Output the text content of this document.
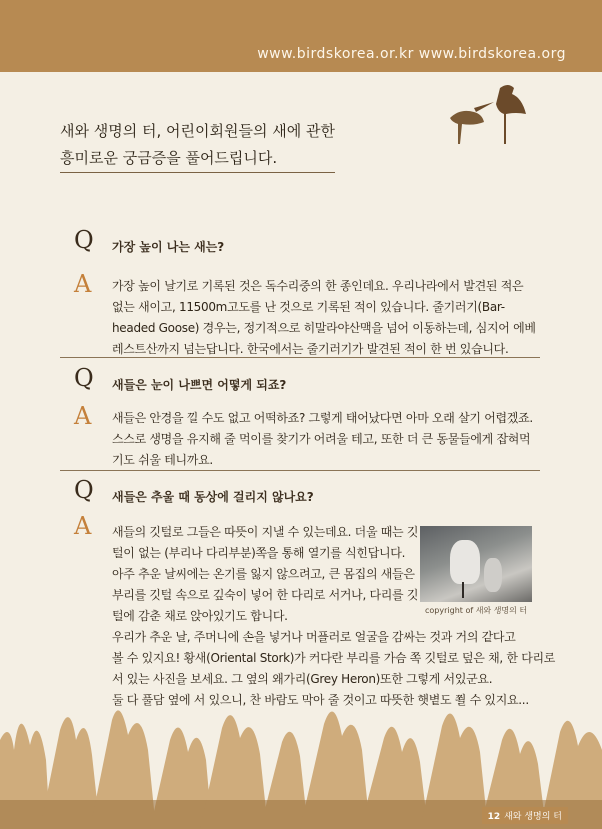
www.birdskorea.or.kr www.birdskorea.org
새와 생명의 터, 어린이회원들의 새에 관한
흥미로운 궁금증을 풀어드립니다.
Q 가장 높이 나는 새는?
A 가장 높이 날기로 기록된 것은 독수리중의 한 종인데요. 우리나라에서 발견된 적은
없는 새이고, 11500m고도를 난 것으로 기록된 적이 있습니다. 줄기러기(Bar-
headed Goose) 경우는, 정기적으로 히말라야산맥을 넘어 이동하는데, 심지어 에베
레스트산까지 넘는답니다. 한국에서는 줄기러기가 발견된 적이 한 번 있습니다.
Q 새들은 눈이 나쁘면 어떻게 되죠?
A 새들은 안경을 낄 수도 없고 어떡하죠? 그렇게 태어났다면 아마 오래 살기 어렵겠죠.
스스로 생명을 유지해 줄 먹이를 찾기가 어려울 테고, 또한 더 큰 동물들에게 잡혀먹
기도 쉬울 테니까요.
Q 새들은 추울 때 동상에 걸리지 않나요?
A 새들의 깃털로 그들은 따뜻이 지낼 수 있는데요. 더울 때는 깃
털이 없는 (부리나 다리부분)쪽을 통해 열기를 식힌답니다.
아주 추운 날씨에는 온기를 잃지 않으려고, 큰 몸집의 새들은
부리를 깃털 속으로 깊숙이 넣어 한 다리로 서거나, 다리를 깃
털에 감춘 채로 앉아있기도 합니다.
우리가 추운 날, 주머니에 손을 넣거나 머플러로 얼굴을 감싸는 것과 거의 같다고
볼 수 있지요! 황새(Oriental Stork)가 커다란 부리를 가슴 쪽 깃털로 덮은 채, 한 다리로
서 있는 사진을 보세요. 그 옆의 왜가리(Grey Heron)또한 그렇게 서있군요.
둘 다 풀담 옆에 서 있으니, 찬 바람도 막아 줄 것이고 따뜻한 햇볕도 쬘 수 있지요...
copyright of 새와 생명의 터
12 새와 생명의 터
